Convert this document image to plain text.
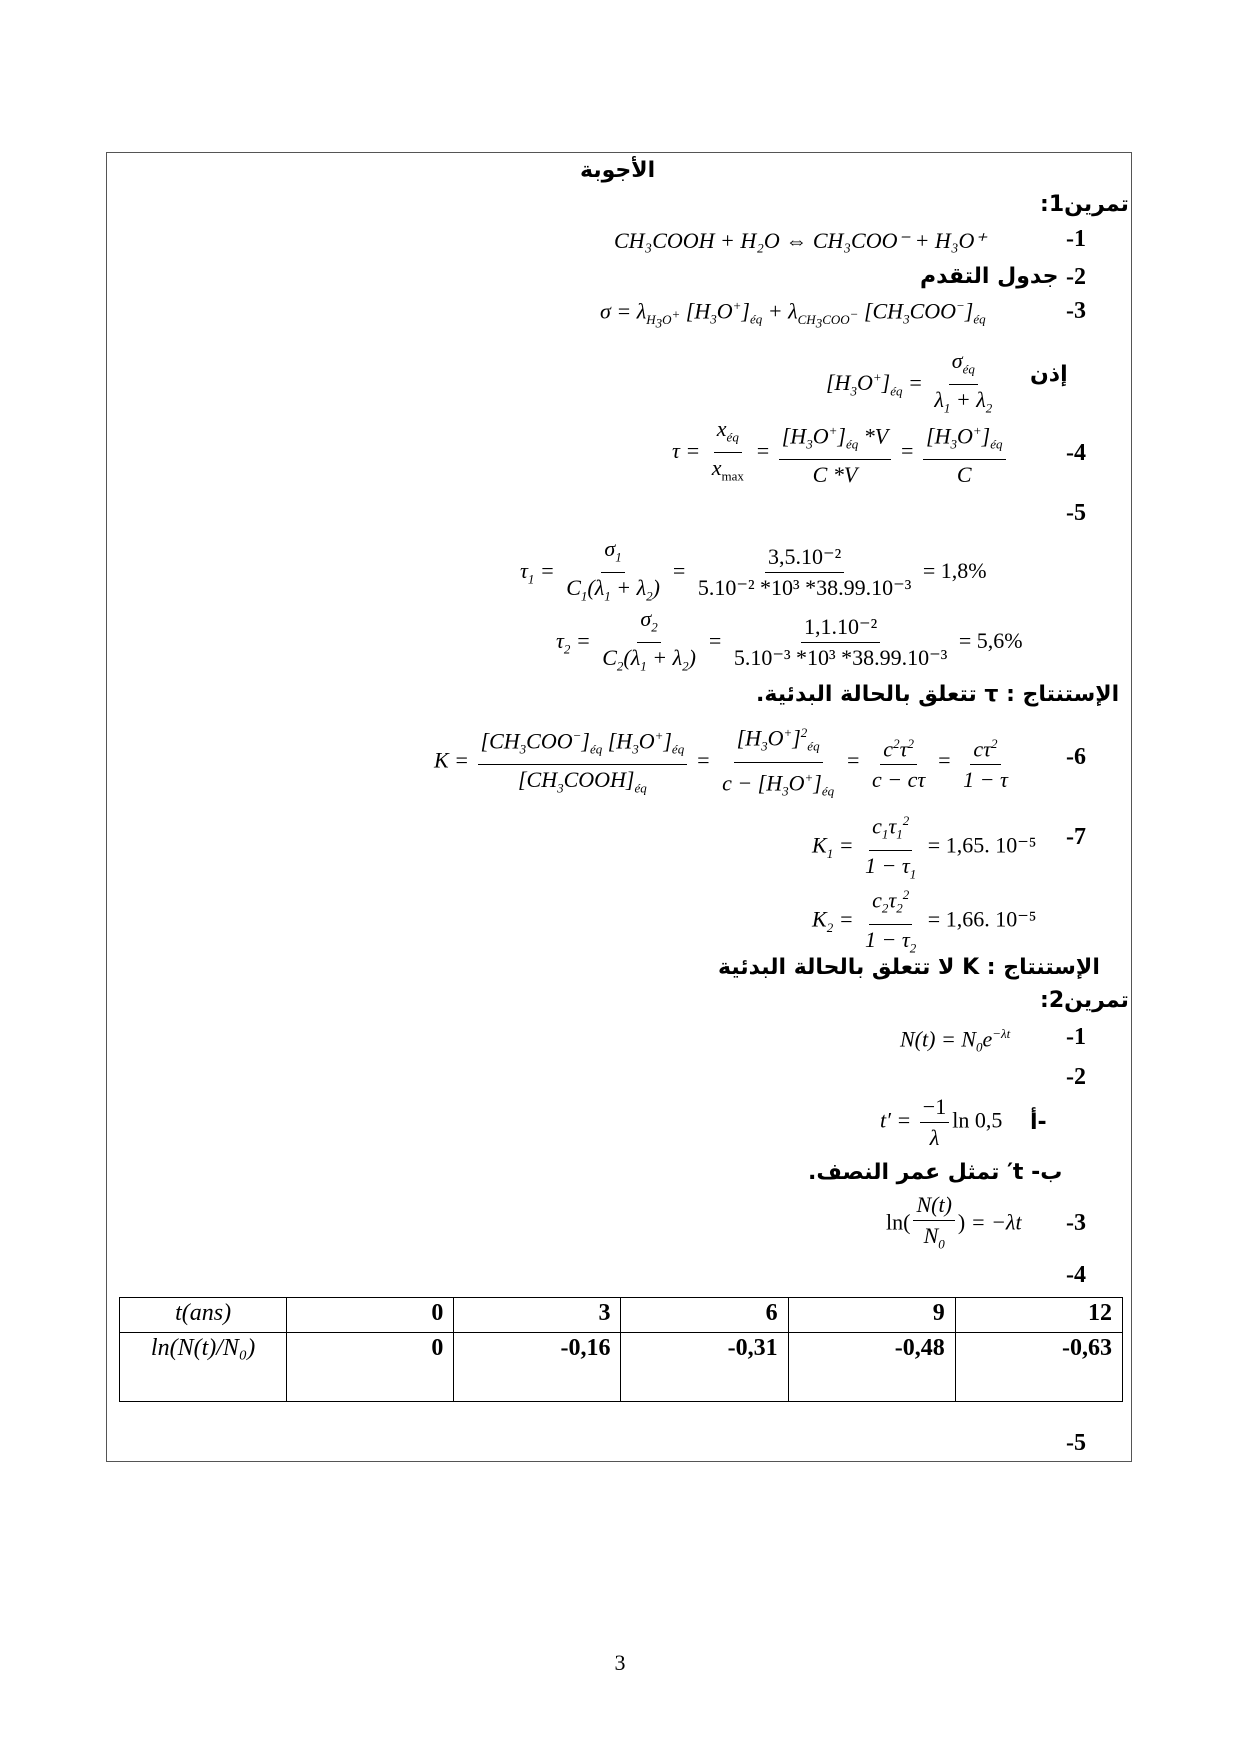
الأجوبة
تمرين1:
-1
CH₃COOH + H₂O ⇔ CH₃COO⁻ + H₃O⁺
-2
جدول التقدم
-3
$\sigma = \lambda_{H_3O^+}$ $[H_3O^+]_{éq} + \lambda_{CH_3COO^-}$ $[CH_3COO^-]_{éq}$
إذن
$[H_3O^+]_{éq} = \frac{\sigma_{éq}}{\lambda_1 + \lambda_2}$
-4
$\tau = \frac{x_{éq}}{x_{max}} = \frac{[H_3O^+]_{éq} *V}{C *V} = \frac{[H_3O^+]_{éq}}{C}$
-5
$\tau_1 = \frac{\sigma_1}{C_1(\lambda_1 + \lambda_2)} = \frac{\text{3,5.10⁻²}}{\text{5.10⁻² *10³ *38.99.10⁻³}} = 1,8\%$
$\tau_2 = \frac{\sigma_2}{C_2(\lambda_1 + \lambda_2)} = \frac{\text{1,1.10⁻²}}{\text{5.10⁻³ *10³ *38.99.10⁻³}} = 5,6\%$
الإستنتاج : τ تتعلق بالحالة البدئية.
-6
$K = \frac{[CH_3COO^-]_{éq} [H_3O^+]_{éq}}{[CH_3COOH]_{éq}} = \frac{[H_3O^+]^2_{éq}}{c - [H_3O^+]_{éq}} = \frac{c^2\tau^2}{c - c\tau} = \frac{c\tau^2}{1 - \tau}$
-7
$K_1 = \frac{c_1\tau_1^2}{1 - \tau_1} = 1,65$. 10⁻⁵
$K_2 = \frac{c_2\tau_2^2}{1 - \tau_2} = 1,66$. 10⁻⁵
الإستنتاج : K لا تتعلق بالحالة البدئية
تمرين2:
-1
$N(t) = N_0e^{-\lambda t}$
-2
-أ
$t' = \frac{-1}{\lambda}$ ln 0,5
ب- t′ تمثل عمر النصف.
-3
$\ln( \frac{N(t)}{N_0}$ ) = −λt
-4
t(ans)	0	3	6	9	12
ln(N(t)/N₀)	0	-0,16	-0,31	-0,48	-0,63
-5
3
